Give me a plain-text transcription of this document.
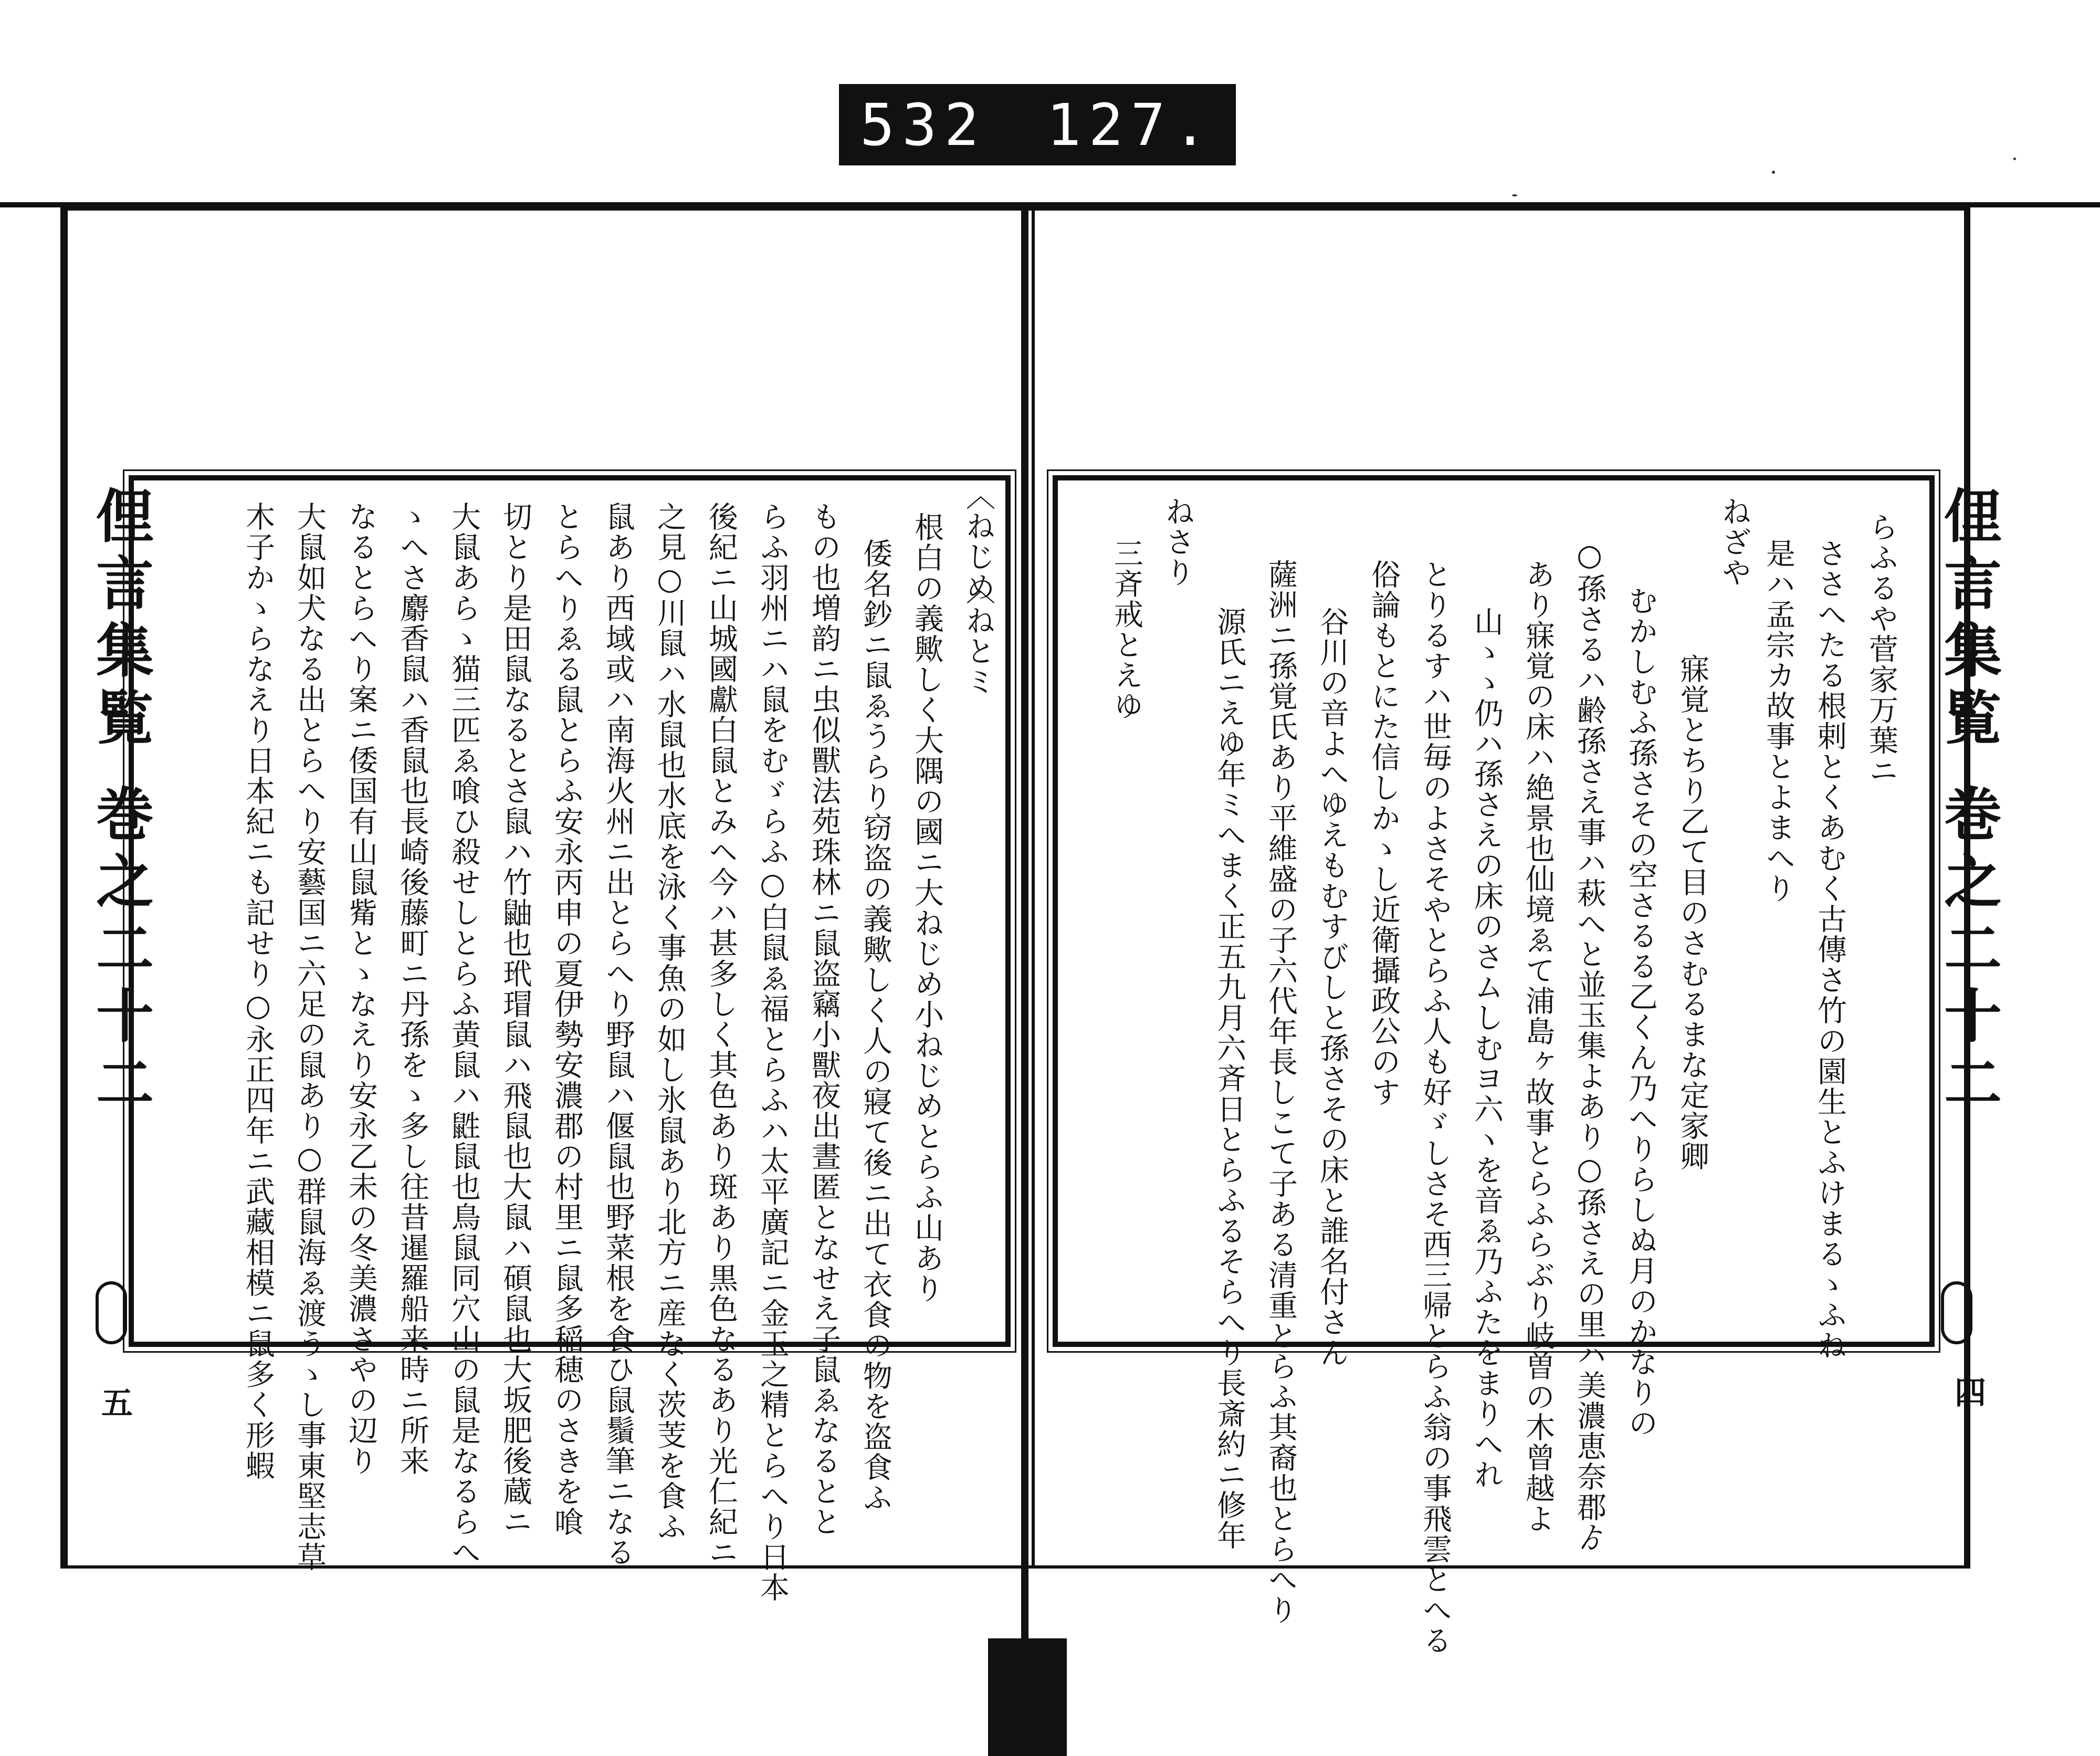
532 127.
俚言集覧 巻之二十二
五
俚言集覧 巻之二十二
四
〈ねじめ
根白の義歟しく大隅の國ニ大ねじめ小ねじめとらふ山あり 〈ねとミ
倭名鈔ニ鼠ゑうらり窃盗の義歟しく人の寢て後ニ出て衣食の物を盗食ふ
もの也増韵ニ虫似獸法苑珠林ニ鼠盗竊小獸夜出晝匿となせえ子鼠ゑなるとと
らふ羽州ニハ鼠をむゞらふ○白鼠ゑ福とらふハ太平廣記ニ金玉之精とらへり日本
後紀ニ山城國獻白鼠とみヘ今ハ甚多しく其色あり斑あり黒色なるあり光仁紀ニ
之見○川鼠ハ水鼠也水底を泳く事魚の如し氷鼠あり北方ニ産なく茨芰を食ふ
鼠あり西域或ハ南海火州ニ出とらへり野鼠ハ偃鼠也野菜根を食ひ鼠鬚筆ニなる
とらへりゑる鼠とらふ安永丙申の夏伊勢安濃郡の村里ニ鼠多稲穂のさきを喰
切とり是田鼠なるとさ鼠ハ竹鼬也玳瑁鼠ハ飛鼠也大鼠ハ碩鼠也大坂肥後蔵ニ
大鼠あらゝ猫三匹ゑ喰ひ殺せしとらふ黄鼠ハ鼪鼠也鳥鼠同穴山の鼠是なるらへ
ゝへさ麝香鼠ハ香鼠也長崎後藤町ニ丹孫をゝ多し往昔暹羅船来時ニ所来
なるとらへり案ニ倭国有山鼠觜とゝなえり安永乙未の冬美濃さやの辺り
大鼠如犬なる出とらへり安藝国ニ六足の鼠あり○群鼠海ゑ渡うゝし事東堅志草
木子かゝらなえり日本紀ニも記せり○永正四年ニ武藏相模ニ鼠多く形蝦	らふるや菅家万葉ニ
ささへたる根剌とくあむく古傳さ竹の園生とふけまるゝふね
是ハ孟宗カ故事とよまへり
ねざや
寐覚とちり乙て目のさむるまな定家卿
むかしむふ孫さその空さるる乙くん乃へりらしぬ月のかなりの
○孫さるハ齢孫さえ事ハ萩へと並玉集よあり○孫さえの里ハ美濃恵奈郡ゟ
あり寐覚の床ハ絶景也仙境ゑて浦島ヶ故事とらふらぶり岐曽の木曾越よ
山ゝゝ仍ハ孫さえの床のさムしむヨ六ヽを音ゑ乃ふたをまりへれ
とりるすハ世毎のよさそやとらふ人も好ゞしさそ西三帰とらふ翁の事飛雲とへる
俗論もとにた信しかゝし近衛攝政公のす
谷川の音よへゆえもむすびしと孫さその床と誰名付さん
薩洲ニ孫覚氏あり平維盛の子六代年長しこて子ある清重とらふ其裔也とらへり
源氏ニえゆ年ミへまく正五九月六斉日とらふるそらへり長斎約ニ修年
ねさり
三斉戒とえゆ
